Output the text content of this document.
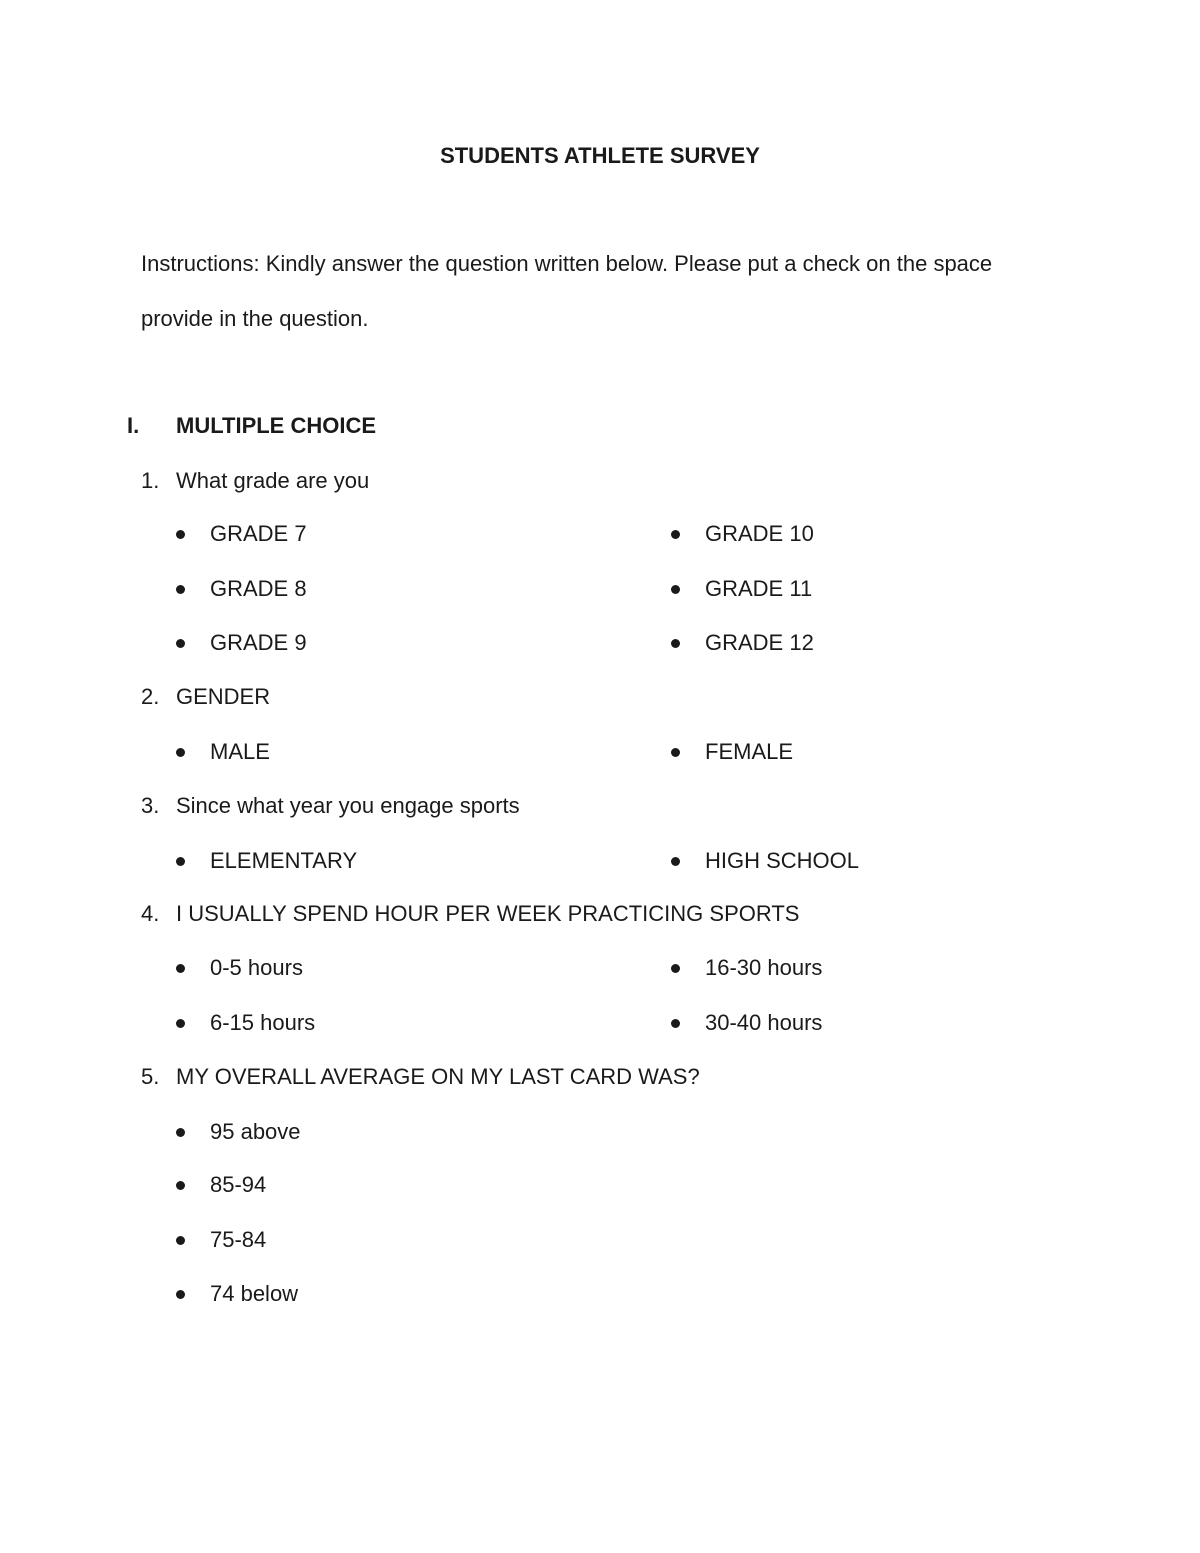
STUDENTS ATHLETE SURVEY
Instructions: Kindly answer the question written below. Please put a check on the space
provide in the question.
I. MULTIPLE CHOICE
1. What grade are you
GRADE 7
GRADE 8
GRADE 9
GRADE 10
GRADE 11
GRADE 12
2. GENDER
MALE	FEMALE
3. Since what year you engage sports
ELEMENTARY	HIGH SCHOOL
4. I USUALLY SPEND HOUR PER WEEK PRACTICING SPORTS
0-5 hours
6-15 hours
16-30 hours
30-40 hours
5. MY OVERALL AVERAGE ON MY LAST CARD WAS?
95 above
85-94
75-84
74 below
